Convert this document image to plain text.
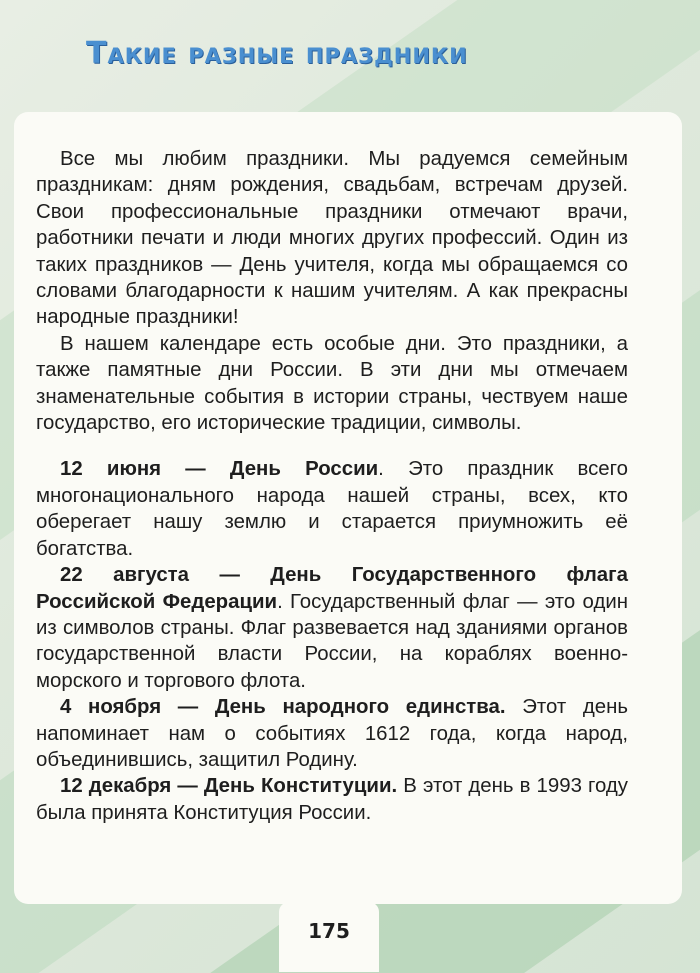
Такие разные праздники

Все мы любим праздники. Мы радуемся семейным праздникам: дням рождения, свадьбам, встречам друзей. Свои профессиональные праздники отмечают врачи, работники печати и люди многих других профессий. Один из таких праздников — День учителя, когда мы обращаемся со словами благодарности к нашим учителям. А как прекрасны народные праздники!

В нашем календаре есть особые дни. Это праздники, а также памятные дни России. В эти дни мы отмечаем знаменательные события в истории страны, чествуем наше государство, его исторические традиции, символы.

12 июня — День России. Это праздник всего многонационального народа нашей страны, всех, кто оберегает нашу землю и старается приумножить её богатства.

22 августа — День Государственного флага Российской Федерации. Государственный флаг — это один из символов страны. Флаг развевается над зданиями органов государственной власти России, на кораблях военно-морского и торгового флота.

4 ноября — День народного единства. Этот день напоминает нам о событиях 1612 года, когда народ, объединившись, защитил Родину.

12 декабря — День Конституции. В этот день в 1993 году была принята Конституция России.

175
